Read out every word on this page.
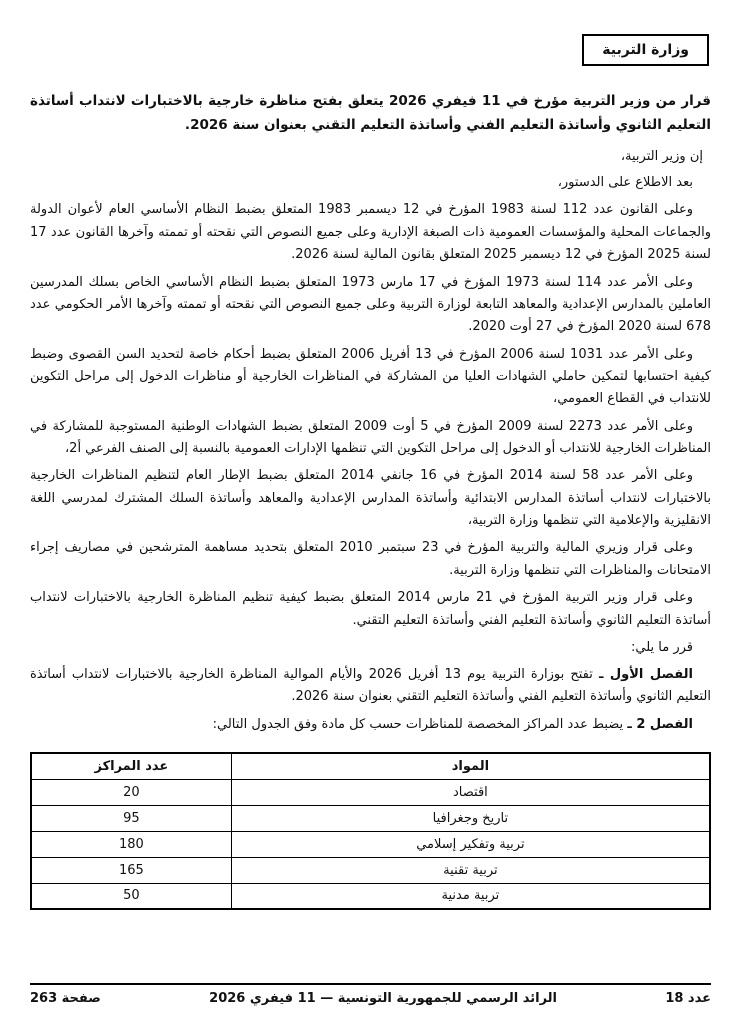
وزارة التربية

قرار من وزير التربية مؤرخ في 11 فيفري 2026 يتعلق بفتح مناظرة خارجية بالاختبارات لانتداب أساتذة التعليم الثانوي وأساتذة التعليم الفني وأساتذة التعليم التقني بعنوان سنة 2026.

إن وزير التربية،

بعد الاطلاع على الدستور،

وعلى القانون عدد 112 لسنة 1983 المؤرخ في 12 ديسمبر 1983 المتعلق بضبط النظام الأساسي العام لأعوان الدولة والجماعات المحلية والمؤسسات العمومية ذات الصبغة الإدارية وعلى جميع النصوص التي نقحته أو تممته وآخرها القانون عدد 17 لسنة 2025 المؤرخ في 12 ديسمبر 2025 المتعلق بقانون المالية لسنة 2026.

وعلى الأمر عدد 114 لسنة 1973 المؤرخ في 17 مارس 1973 المتعلق بضبط النظام الأساسي الخاص بسلك المدرسين العاملين بالمدارس الإعدادية والمعاهد التابعة لوزارة التربية وعلى جميع النصوص التي نقحته أو تممته وآخرها الأمر الحكومي عدد 678 لسنة 2020 المؤرخ في 27 أوت 2020.

وعلى الأمر عدد 1031 لسنة 2006 المؤرخ في 13 أفريل 2006 المتعلق بضبط أحكام خاصة لتحديد السن القصوى وضبط كيفية احتسابها لتمكين حاملي الشهادات العليا من المشاركة في المناظرات الخارجية أو مناظرات الدخول إلى مراحل التكوين للانتداب في القطاع العمومي،

وعلى الأمر عدد 2273 لسنة 2009 المؤرخ في 5 أوت 2009 المتعلق بضبط الشهادات الوطنية المستوجبة للمشاركة في المناظرات الخارجية للانتداب أو الدخول إلى مراحل التكوين التي تنظمها الإدارات العمومية بالنسبة إلى الصنف الفرعي أ2،

وعلى الأمر عدد 58 لسنة 2014 المؤرخ في 16 جانفي 2014 المتعلق بضبط الإطار العام لتنظيم المناظرات الخارجية بالاختبارات لانتداب أساتذة المدارس الابتدائية وأساتذة المدارس الإعدادية والمعاهد وأساتذة السلك المشترك لمدرسي اللغة الانقليزية والإعلامية التي تنظمها وزارة التربية،

وعلى قرار وزيري المالية والتربية المؤرخ في 23 سبتمبر 2010 المتعلق بتحديد مساهمة المترشحين في مصاريف إجراء الامتحانات والمناظرات التي تنظمها وزارة التربية.

وعلى قرار وزير التربية المؤرخ في 21 مارس 2014 المتعلق بضبط كيفية تنظيم المناظرة الخارجية بالاختبارات لانتداب أساتذة التعليم الثانوي وأساتذة التعليم الفني وأساتذة التعليم التقني.

قرر ما يلي:

الفصل الأول ـ تفتح بوزارة التربية يوم 13 أفريل 2026 والأيام الموالية المناظرة الخارجية بالاختبارات لانتداب أساتذة التعليم الثانوي وأساتذة التعليم الفني وأساتذة التعليم التقني بعنوان سنة 2026.

الفصل 2 ـ يضبط عدد المراكز المخصصة للمناظرات حسب كل مادة وفق الجدول التالي:

المواد	عدد المراكز
اقتصاد	20
تاريخ وجغرافيا	95
تربية وتفكير إسلامي	180
تربية تقنية	165
تربية مدنية	50
عدد 18
الرائد الرسمي للجمهورية التونسية — 11 فيفري 2026
صفحة 263
